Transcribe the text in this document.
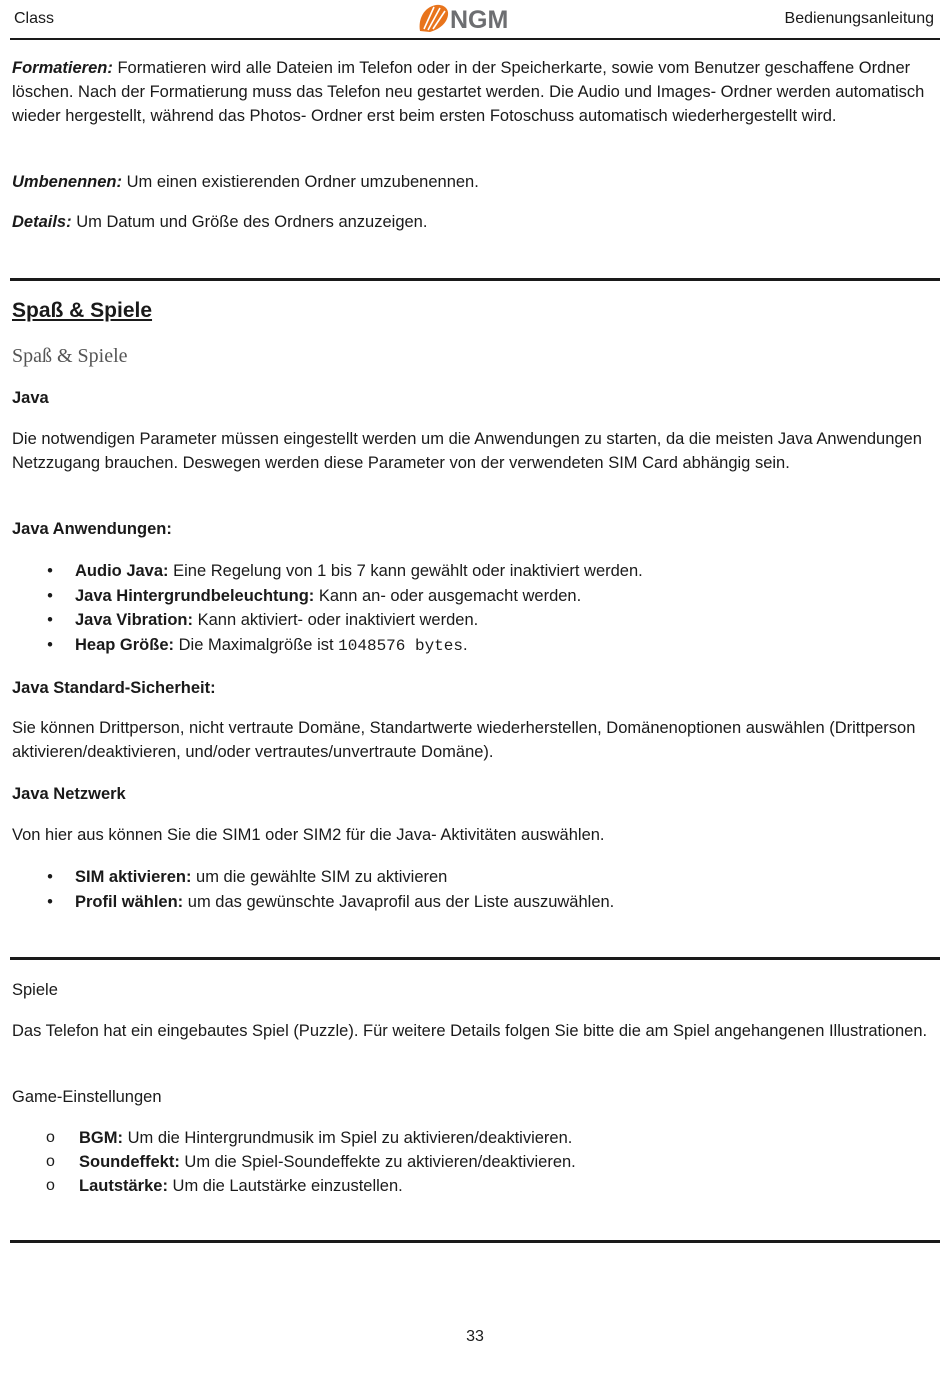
Class	NGM	Bedienungsanleitung
Formatieren: Formatieren wird alle Dateien im Telefon oder in der Speicherkarte, sowie vom Benutzer geschaffene Ordner löschen. Nach der Formatierung muss das Telefon neu gestartet werden. Die Audio und Images- Ordner werden automatisch wieder hergestellt, während das Photos- Ordner erst beim ersten Fotoschuss automatisch wiederhergestellt wird.
Umbenennen: Um einen existierenden Ordner umzubenennen.
Details: Um Datum und Größe des Ordners anzuzeigen.
Spaß & Spiele
Spaß & Spiele
Java
Die notwendigen Parameter müssen eingestellt werden um die Anwendungen zu starten, da die meisten Java Anwendungen Netzzugang brauchen. Deswegen werden diese Parameter von der verwendeten SIM Card abhängig sein.
Java Anwendungen:
• Audio Java: Eine Regelung von 1 bis 7 kann gewählt oder inaktiviert werden.
• Java Hintergrundbeleuchtung: Kann an- oder ausgemacht werden.
• Java Vibration: Kann aktiviert- oder inaktiviert werden.
• Heap Größe: Die Maximalgröße ist 1048576 bytes.
Java Standard-Sicherheit:
Sie können Drittperson, nicht vertraute Domäne, Standartwerte wiederherstellen, Domänenoptionen auswählen (Drittperson aktivieren/deaktivieren, und/oder vertrautes/unvertraute Domäne).
Java Netzwerk
Von hier aus können Sie die SIM1 oder SIM2 für die Java- Aktivitäten auswählen.
• SIM aktivieren: um die gewählte SIM zu aktivieren
• Profil wählen: um das gewünschte Javaprofil aus der Liste auszuwählen.
Spiele
Das Telefon hat ein eingebautes Spiel (Puzzle). Für weitere Details folgen Sie bitte die am Spiel angehangenen Illustrationen.
Game-Einstellungen
o BGM: Um die Hintergrundmusik im Spiel zu aktivieren/deaktivieren.
o Soundeffekt: Um die Spiel-Soundeffekte zu aktivieren/deaktivieren.
o Lautstärke: Um die Lautstärke einzustellen.
33
